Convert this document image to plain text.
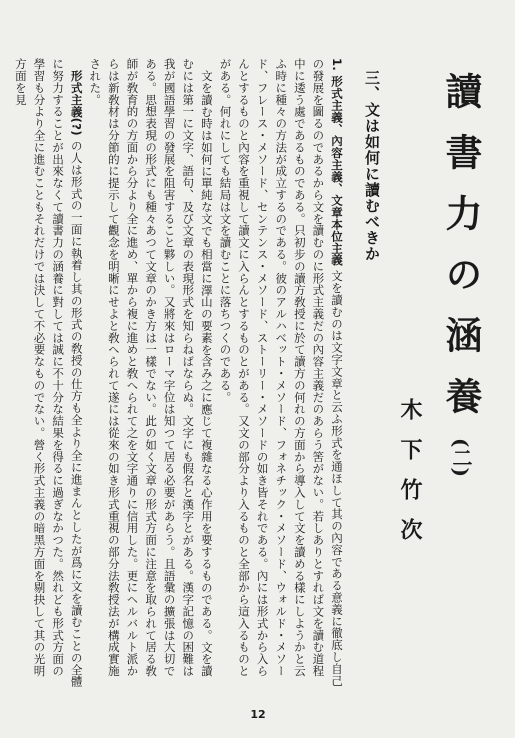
讀書力の涵養(二)
木下竹次
三、文は如何に讀むべきか

1. 形式主義、內容主義、文章本位主義 文を讀むのは文字文章と云ふ形式を通ほして其の內容である意義に徹底し自己の發展を圖るのであるから文を讀むのに形式主義だの內容主義だのあらう筈がない。若しありとすれば文を讀む道程中に逶う處であるものである。只初步の讀方敎授に於て讀方の何れの方面から導入して文を讀める樣にしようかと云ふ時に種々の方法が成立するのである。彼のアルハベット・メソード、フォネチック・メソード、ウォルド・メソード、フレース・メソード、センテンス・メソード、ストーリー・メソードの如き皆それである。內には形式から入らんとするものと內容を重視して讀文に入らんとするものとがある。又文の部分より入るものと全部から這入るものとがある。何れにしても結局は文を讀むことに落ちつくのである。

文を讀む時は如何に單純な文でも相當に澤山の要素を含み之に應じて複雜なる心作用を要するものである。文を讀むには第一に文字、語句、及び文章の表現形式を知らねばならぬ。文字にも假名と漢字とがある。漢字記憶の困難は我が國語學習の發展を阻害すること夥しい。又將來はローマ字位は知つて居る必要があらう。且語彙の擴張は大切である。思想表現の形式にも種々あつて文章のかき方は一樣でない。此の如く文章の形式方面に注意を取られて居る敎師が敎育的の方面から分より全に進め、單から複に進めと敎へられて之を文字通りに信用した。更にヘルバルト派からは新敎材は分節的に提示して觀念を明晰にせよと敎へられて遂には從來の如き形式重視の部分法敎授法が構成實施された。

形式主義(?) の人は形式の一面に執着し其の形式の敎授の仕方も全より全に進まんとしたが爲に文を讀むことの全體に努力することが出來なくて讀書力の涵養に對しては誠に不十分な結果を得るに過ぎなかつた。然れども形式方面の學習も分より全に進むこともそれだけでは決して不必要なものでない。營く形式主義の暗黑方面を剔抉して其の光明方面を見

12
